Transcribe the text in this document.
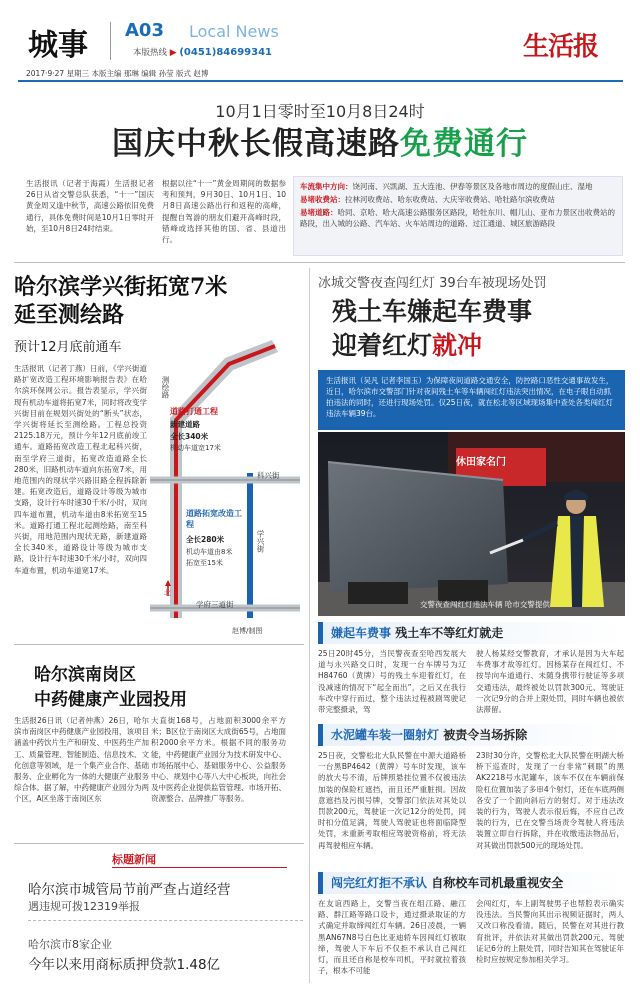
城事 A03 Local News
本版热线 ▶ (0451)84699341	生活报
2017·9·27 星期三 本版主编 那琳 编辑 孙莹 版式 赵博
10月1日零时至10月8日24时
国庆中秋长假高速路免费通行

生活报讯（记者于海霞）生活报记者26日从省交警总队获悉，“十一”国庆黄金周又逢中秋节，高速公路依旧免费通行，具体免费时间是10月1日零时开始，至10月8日24时结束。

根据以往“十一”黄金周期间的数据参考和预判，9月30日、10月1日、10月8日高速公路出行和返程的高峰，提醒自驾游的朋友们避开高峰时段，错峰或选择其他的国、省、县道出行。

车流集中方向：饶河南、兴凯湖、五大连池、伊春等景区及各地市周边的度假山庄、湿地

易堵收费站：拉林河收费站、哈东收费站、大庆宰收费站、哈牡路尔滨收费站

易堵道路：哈同、京哈、哈大高速公路服务区路段，哈牡东川、帽儿山、亚布力景区出收费站的路段，出入城的公路、汽车站、火车站周边的道路、过江通道、城区旅游路段

哈尔滨学兴街拓宽7米
延至测绘路
预计12月底前通车

生活报讯（记者丁燕）日前，《学兴街道路扩宽改造工程环境影响报告表》在哈尔滨环保网公示。报告表显示，学兴街现有机动车道将拓宽7米，同时将改变学兴街目前在规划兴街处的“断头”状态，学兴街将延长至测绘路。工程总投资2125.18万元，预计今年12月底前竣工通车。道路拓宽改造工程北起科兴街，南至学府三道街，拓宽改造道路全长280米，旧路机动车道向东拓宽7米，用地范围内的现状学兴路旧路全程拆除新建。拓宽改造后，道路设计等级为城市支路，设计行车时速30千米/小时，双向四车道布置，机动车道由8米拓宽至15米。道路打通工程北起测绘路，南至科兴街，用地范围内现状无路，新建道路全长340米，道路设计等级为城市支路，设计行车时速30千米/小时，双向四车道布置，机动车道宽17米。

测绘路
道路打通工程
新建道路
全长340米
机动车道宽17米
科兴街
道路拓宽改造工程
全长280米
机动车道由8米
拓宽至15米
学兴街
北
学府三道街
赵博/制图
冰城交警夜查闯红灯 39台车被现场处罚
残土车嫌起车费事
迎着红灯就冲
生活报讯（吴凡 记者李国玉）为保障夜间道路交通安全，防控路口恶性交通事故发生，近日，哈尔滨市交警部门针对夜间残土车等车辆闯红灯违法突出情况，在电子眼自动抓拍违法的同时，还进行现场处罚。仅25日夜，就在松北等区域现场集中查处各类闯红灯违法车辆39台。
休田家名门
交警夜查闯红灯违法车辆 哈市交警提供
嫌起车费事 残土车不等红灯就走

25日20时45分，当民警夜查至哈西发展大道与永兴路交口时，发现一台车牌号为辽H84760（黄牌）号的残土车迎着红灯，在没减速的情况下“起全而出”，之后又在我行车改中穿行而过，整个违法过程被剧驾驶记带完整摄录，驾

驶人杨某经交警教育，才承认是因为大车起车费事才故等红灯。因杨某存在闯红灯、不按导向车道通行、未随身携带行驶证等多项交通违法，最终被处以罚款300元、驾驶证一次记9分的合并上限处罚，同时车辆也被依法滞留。

水泥罐车装一圈射灯 被责令当场拆除

25日夜，交警松北大队民警在中源大道路桥一台黑BP4642（黄牌）号车时发现，该车的放大号不清，后牌照悬挂位置不仅被违法加装的保险杠遮挡，而且还严重脏损。因故意遮挡及污损号牌，交警部门依法对其处以罚款200元，驾驶证一次记12分的处罚，同时扣分值足满，驾驶人驾驶证也将面临降型处罚，未重新考取相应驾驶资格前，将无法再驾驶相应车辆。

23时30分许，交警松北大队民警在明湖大桥桥下巡查时，发现了一台非常“刺眼”的黑AK2218号水泥罐车，该车不仅在车辆前保险杠位置加装了多串4个射灯，还在车底两侧各安了一个面向斜后方的射灯。对于违法改装的行为，驾驶人表示很后悔，不应自己改装的行为，已在交警当场责令驾驶人将违法装置立即自行拆除，并在收缴违法物品后，对其做出罚款500元的现场处罚。

闯完红灯拒不承认 自称校车司机最重视安全

在友谊西路上，交警当夜在组江路、融江路、群江路等路口设卡，通过摄录取证的方式确定并取缔闯红灯车辆。26日凌晨，一辆黑AN67N8号白色比亚迪轿车因闯红灯被取缔，驾驶人下车后不仅拒不承认自己闯红灯，而且还自称是校车司机，平时就拉着孩子，根本不可能

会闯红灯，车上副驾驶男子也帮腔表示确实没违法。当民警向其出示视频证据时，两人又改口称没看清。随后，民警在对其进行教育批评，并依法对其做出罚款200元、驾驶证记6分的上限处罚，同时告知其在驾驶证年检时应按规定参加相关学习。

哈尔滨南岗区
中药健康产业园投用

生活报26日讯（记者仲燕）26日，哈尔滨市南岗区中药健康产业园投用，该项目涵盖中药饮片生产和研发、中医药生产加工、质量管理、智能制造、信息技术、文化创意等领域，是一个集产业合作、基础服务、企业孵化为一体的大健康产业服务综合体。据了解，中药健康产业园分为两个区，A区坐落于南岗区东

大直街168号，占地面积3000余平方米；B区位于南岗区大成街65号，占地面积2000余平方米。根据不同的服务功能，中药健康产业园分为技术研发中心、市场拓展中心、基础服务中心、公益服务中心、规划中心等八大中心板块，向社会及中医药企业提供监管管理、市场开拓、资源整合、品牌推广等服务。

标题新闻
哈尔滨市城管局节前严查占道经营
遇违规可拨12319举报
哈尔滨市8家企业
今年以来用商标质押贷款1.48亿
